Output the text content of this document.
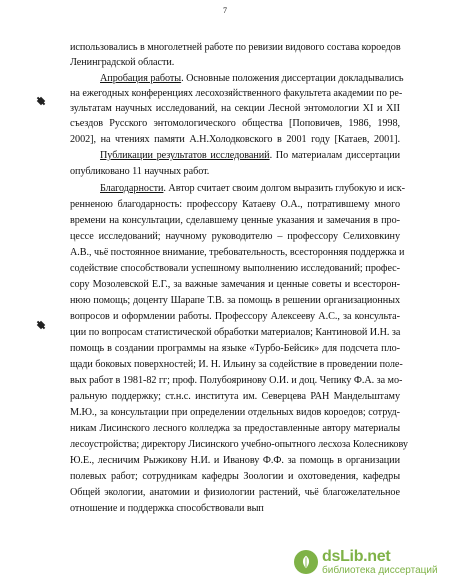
7
использовались в многолетней работе по ревизии видового состава короедов
Ленинградской области.
Апробация работы. Основные положения диссертации докладывались
на ежегодных конференциях лесохозяйственного факультета академии по ре-
зультатам научных исследований, на секции Лесной энтомологии XI и XII
съездов Русского энтомологического общества [Поповичев, 1986, 1998,
2002], на чтениях памяти А.Н.Холодковского в 2001 году [Катаев, 2001].
Публикации результатов исследований. По материалам диссертации
опубликовано 11 научных работ.
Благодарности. Автор считает своим долгом выразить глубокую и иск-
ренненою благодарность: профессору Катаеву О.А., потратившему много
времени на консультации, сделавшему ценные указания и замечания в про-
цессе исследований; научному руководителю – профессору Селиховкину
А.В., чьё постоянное внимание, требовательность, всесторонняя поддержка и
содействие способствовали успешному выполнению исследований; профес-
сору Мозолевской Е.Г., за важные замечания и ценные советы и всесторон-
нюю помощь; доценту Шарапе Т.В. за помощь в решении организационных
вопросов и оформлении работы. Профессору Алексееву А.С., за консульта-
ции по вопросам статистической обработки материалов; Кантиновой И.Н. за
помощь в создании программы на языке «Турбо-Бейсик» для подсчета пло-
щади боковых поверхностей; И. Н. Ильину за содействие в проведении поле-
вых работ в 1981-82 гг; проф. Полубояринову О.И. и доц. Чепику Ф.А. за мо-
ральную поддержку; ст.н.с. института им. Северцева РАН Мандельштаму
М.Ю., за консультации при определении отдельных видов короедов; сотруд-
никам Лисинского лесного колледжа за предоставленные автору материалы
лесоустройства; директору Лисинского учебно-опытного лесхоза Колесникову
Ю.Е., лесничим Рыжикову Н.И. и Иванову Ф.Ф. за помощь в организации
полевых работ; сотрудникам кафедры Зоологии и охотоведения, кафедры
Общей экологии, анатомии и физиологии растений, чьё благожелательное
отношение и поддержка способствовали вып
dsLib.net
библиотека диссертаций
